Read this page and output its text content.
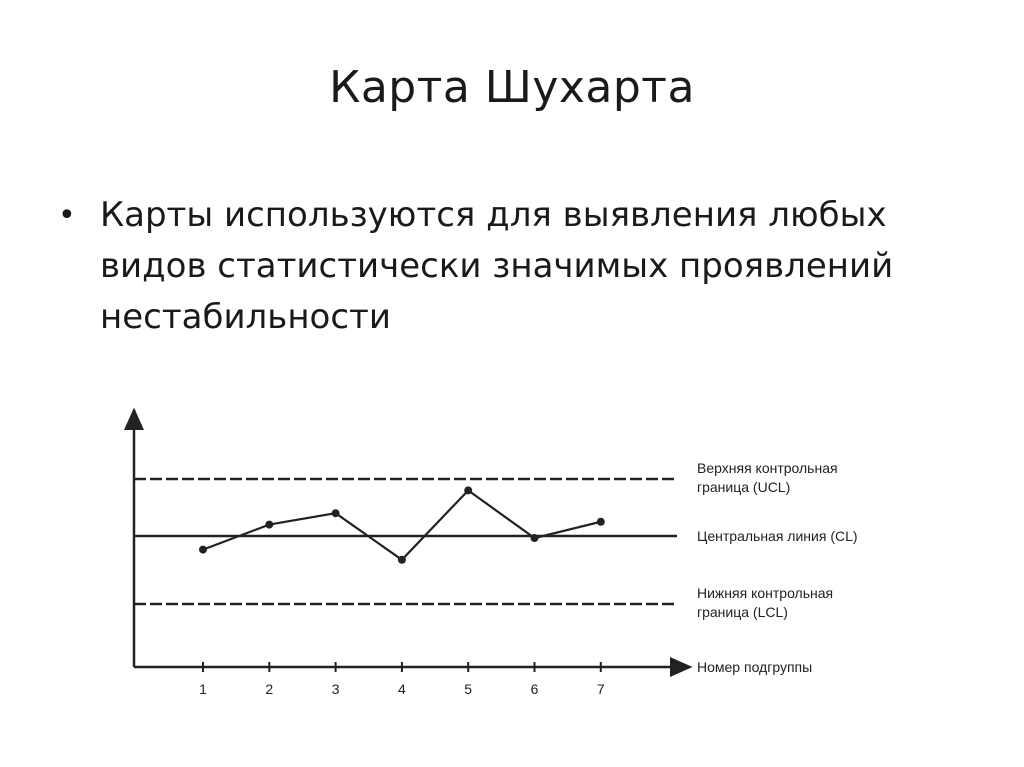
Карта Шухарта
• Карты используются для выявления любых видов статистически значимых проявлений нестабильности
1	2	3	4	5	6	7
Верхняя контрольная
граница (UCL)
Центральная линия (CL)
Нижняя контрольная
граница (LCL)
Номер подгруппы
